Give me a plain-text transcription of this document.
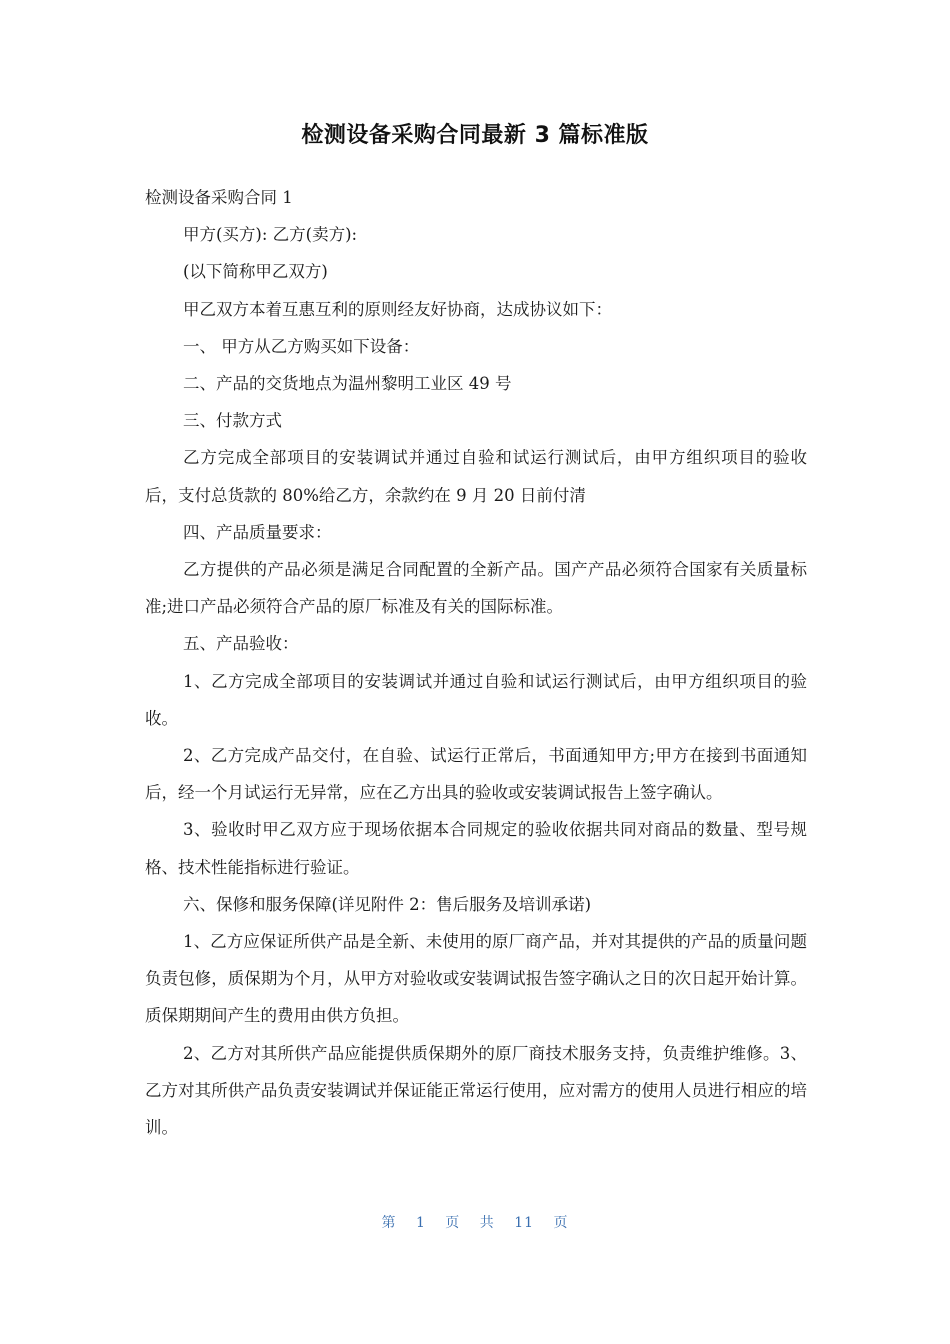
检测设备采购合同最新 3 篇标准版

检测设备采购合同 1

甲方(买方): 乙方(卖方):

(以下简称甲乙双方)

甲乙双方本着互惠互利的原则经友好协商，达成协议如下：

一、 甲方从乙方购买如下设备：

二、产品的交货地点为温州黎明工业区 49 号

三、付款方式

乙方完成全部项目的安装调试并通过自验和试运行测试后，由甲方组织项目的验收后，支付总货款的 80%给乙方，余款约在 9 月 20 日前付清

四、产品质量要求：

乙方提供的产品必须是满足合同配置的全新产品。国产产品必须符合国家有关质量标准;进口产品必须符合产品的原厂标准及有关的国际标准。

五、产品验收：

1、乙方完成全部项目的安装调试并通过自验和试运行测试后，由甲方组织项目的验收。

2、乙方完成产品交付，在自验、试运行正常后，书面通知甲方;甲方在接到书面通知后，经一个月试运行无异常，应在乙方出具的验收或安装调试报告上签字确认。

3、验收时甲乙双方应于现场依据本合同规定的验收依据共同对商品的数量、型号规格、技术性能指标进行验证。

六、保修和服务保障(详见附件 2：售后服务及培训承诺)

1、乙方应保证所供产品是全新、未使用的原厂商产品，并对其提供的产品的质量问题负责包修，质保期为个月，从甲方对验收或安装调试报告签字确认之日的次日起开始计算。质保期期间产生的费用由供方负担。

2、乙方对其所供产品应能提供质保期外的原厂商技术服务支持，负责维护维修。3、乙方对其所供产品负责安装调试并保证能正常运行使用，应对需方的使用人员进行相应的培训。

第 1 页 共 11 页
